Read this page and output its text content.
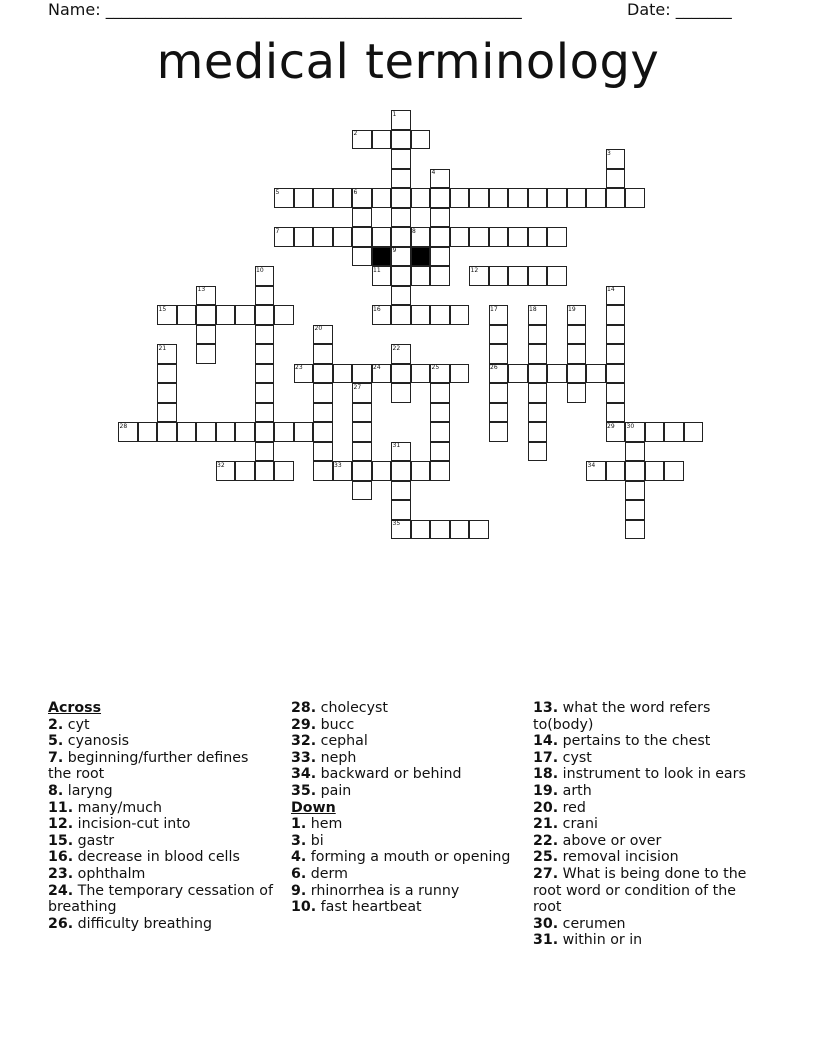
Name: ____________________________________________________	Date: _______
medical terminology
1
2
3
4
5	6
7	8
9
10	11	12
13	14
15	16	17	18	19
20
21	22
23	24	25	26
27
28	29 30
31
32	33	34
35

Across

2. cyt

5. cyanosis

7. beginning/further defines the root

8. laryng

11. many/much

12. incision-cut into

15. gastr

16. decrease in blood cells

23. ophthalm

24. The temporary cessation of breathing

26. difficulty breathing

28. cholecyst

29. bucc

32. cephal

33. neph

34. backward or behind

35. pain

Down

1. hem

3. bi

4. forming a mouth or opening

6. derm

9. rhinorrhea is a runny

10. fast heartbeat

13. what the word refers to(body)

14. pertains to the chest

17. cyst

18. instrument to look in ears

19. arth

20. red

21. crani

22. above or over

25. removal incision

27. What is being done to the root word or condition of the root

30. cerumen

31. within or in
